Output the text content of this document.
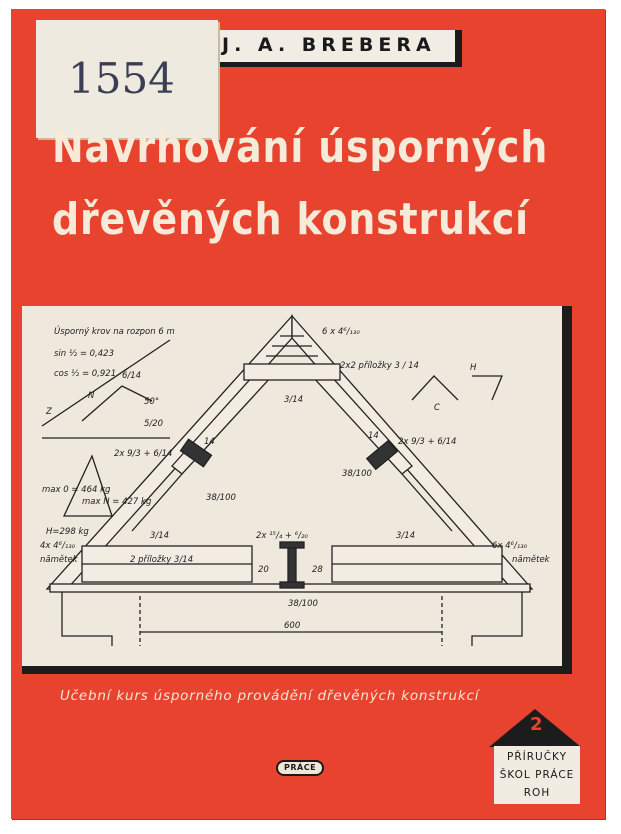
J. A. BREBERA
1554
Navrhování úsporných
dřevěných konstrukcí
Úsporný krov na rozpon 6 m
sin ½ = 0,423
cos ½ = 0,921
50°
H=298 kg
max 0 = 464 kg
max N = 427 kg
6 x 4⁶/₁₃₀
2x2 příložky 3 / 14
3/14
2x 9/3 + 6/14
2x 9/3 + 6/14
38/100
38/100
38/100
14
14
2x ¹⁵/₄ + ⁶/₂₀
20	28
4x 4⁶/₁₃₀
nămětek
6x 4⁶/₁₃₀
nămětek
3/14	3/14
2 příložky 3/14
600
6/14
5/20
N
H
C
Z
Učební kurs úsporného provádění dřevěných konstrukcí
2
PŘÍRUČKY
ŠKOL PRÁCE
ROH
PRÁCE
